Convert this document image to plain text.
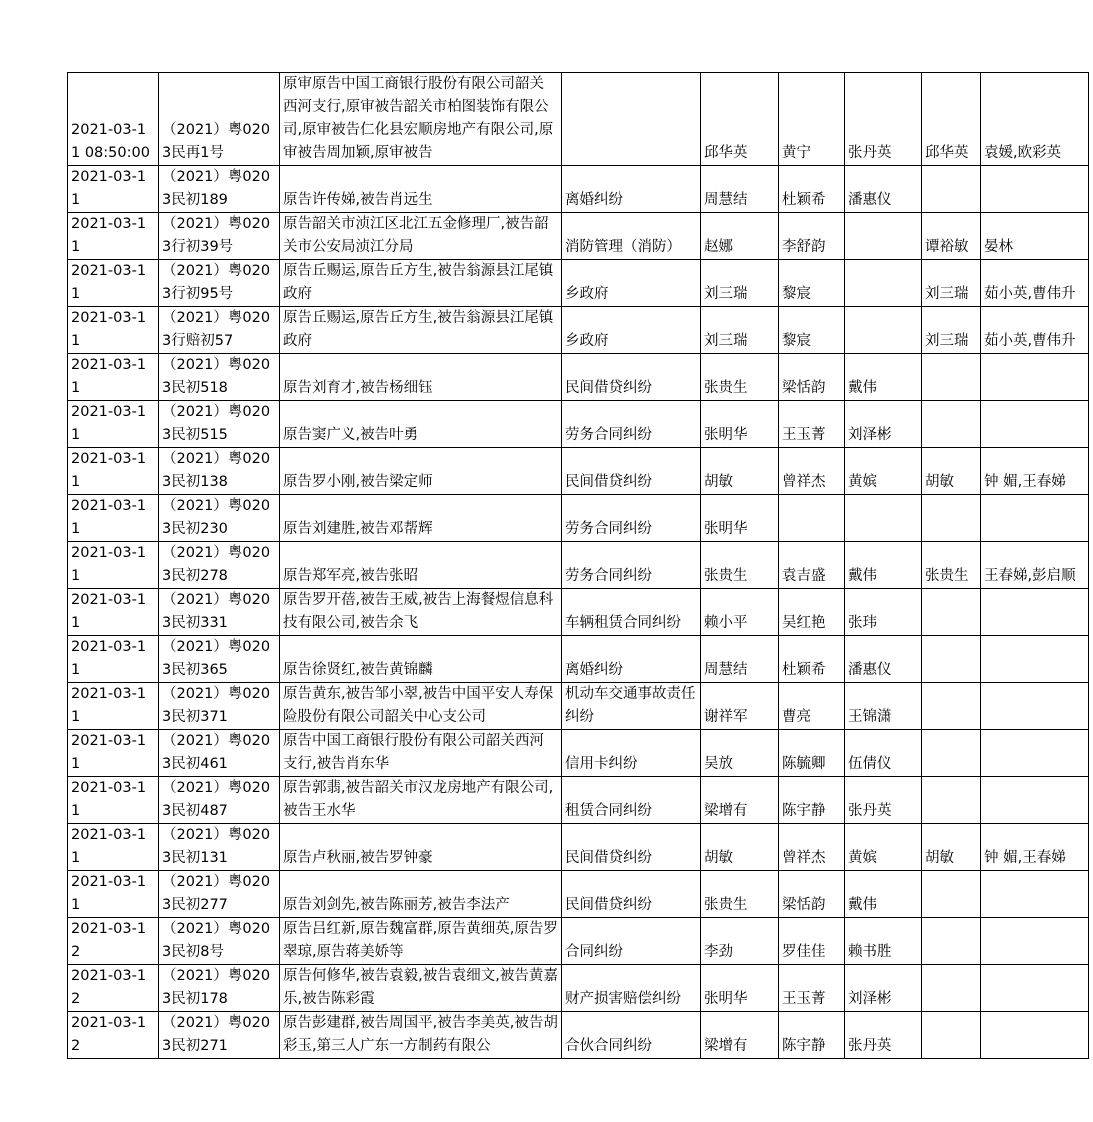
2021-03-11 08:50:00	（2021）粤0203民再1号	原审原告中国工商银行股份有限公司韶关西河支行,原审被告韶关市柏图装饰有限公司,原审被告仁化县宏顺房地产有限公司,原审被告周加颖,原审被告		邱华英	黄宁	张丹英	邱华英	袁媛,欧彩英
2021-03-11	（2021）粤0203民初189	原告许传娣,被告肖远生	离婚纠纷	周慧结	杜颖希	潘惠仪		
2021-03-11	（2021）粤0203行初39号	原告韶关市浈江区北江五金修理厂,被告韶关市公安局浈江分局	消防管理（消防）	赵娜	李舒韵		谭裕敏	晏林
2021-03-11	（2021）粤0203行初95号	原告丘赐运,原告丘方生,被告翁源县江尾镇政府	乡政府	刘三瑞	黎宸		刘三瑞	茹小英,曹伟升
2021-03-11	（2021）粤0203行赔初57	原告丘赐运,原告丘方生,被告翁源县江尾镇政府	乡政府	刘三瑞	黎宸		刘三瑞	茹小英,曹伟升
2021-03-11	（2021）粤0203民初518	原告刘育才,被告杨细钰	民间借贷纠纷	张贵生	梁恬韵	戴伟		
2021-03-11	（2021）粤0203民初515	原告窦广义,被告叶勇	劳务合同纠纷	张明华	王玉菁	刘泽彬		
2021-03-11	（2021）粤0203民初138	原告罗小刚,被告梁定师	民间借贷纠纷	胡敏	曾祥杰	黄嫔	胡敏	钟 媚,王春娣
2021-03-11	（2021）粤0203民初230	原告刘建胜,被告邓帮辉	劳务合同纠纷	张明华				
2021-03-11	（2021）粤0203民初278	原告郑军亮,被告张昭	劳务合同纠纷	张贵生	袁吉盛	戴伟	张贵生	王春娣,彭启顺
2021-03-11	（2021）粤0203民初331	原告罗开蓓,被告王威,被告上海餐煜信息科技有限公司,被告余飞	车辆租赁合同纠纷	赖小平	吴红艳	张玮		
2021-03-11	（2021）粤0203民初365	原告徐贤红,被告黄锦麟	离婚纠纷	周慧结	杜颖希	潘惠仪		
2021-03-11	（2021）粤0203民初371	原告黄东,被告邹小翠,被告中国平安人寿保险股份有限公司韶关中心支公司	机动车交通事故责任纠纷	谢祥军	曹亮	王锦潇		
2021-03-11	（2021）粤0203民初461	原告中国工商银行股份有限公司韶关西河支行,被告肖东华	信用卡纠纷	吴放	陈毓卿	伍倩仪		
2021-03-11	（2021）粤0203民初487	原告郭翡,被告韶关市汉龙房地产有限公司,被告王水华	租赁合同纠纷	梁增有	陈宇静	张丹英		
2021-03-11	（2021）粤0203民初131	原告卢秋丽,被告罗钟豪	民间借贷纠纷	胡敏	曾祥杰	黄嫔	胡敏	钟 媚,王春娣
2021-03-11	（2021）粤0203民初277	原告刘剑先,被告陈丽芳,被告李法产	民间借贷纠纷	张贵生	梁恬韵	戴伟		
2021-03-12	（2021）粤0203民初8号	原告吕红新,原告魏富群,原告黄细英,原告罗翠琼,原告蒋美娇等	合同纠纷	李劲	罗佳佳	赖书胜		
2021-03-12	（2021）粤0203民初178	原告何修华,被告袁毅,被告袁细文,被告黄嘉乐,被告陈彩霞	财产损害赔偿纠纷	张明华	王玉菁	刘泽彬		
2021-03-12	（2021）粤0203民初271	原告彭建群,被告周国平,被告李美英,被告胡彩玉,第三人广东一方制药有限公	合伙合同纠纷	梁增有	陈宇静	张丹英		
